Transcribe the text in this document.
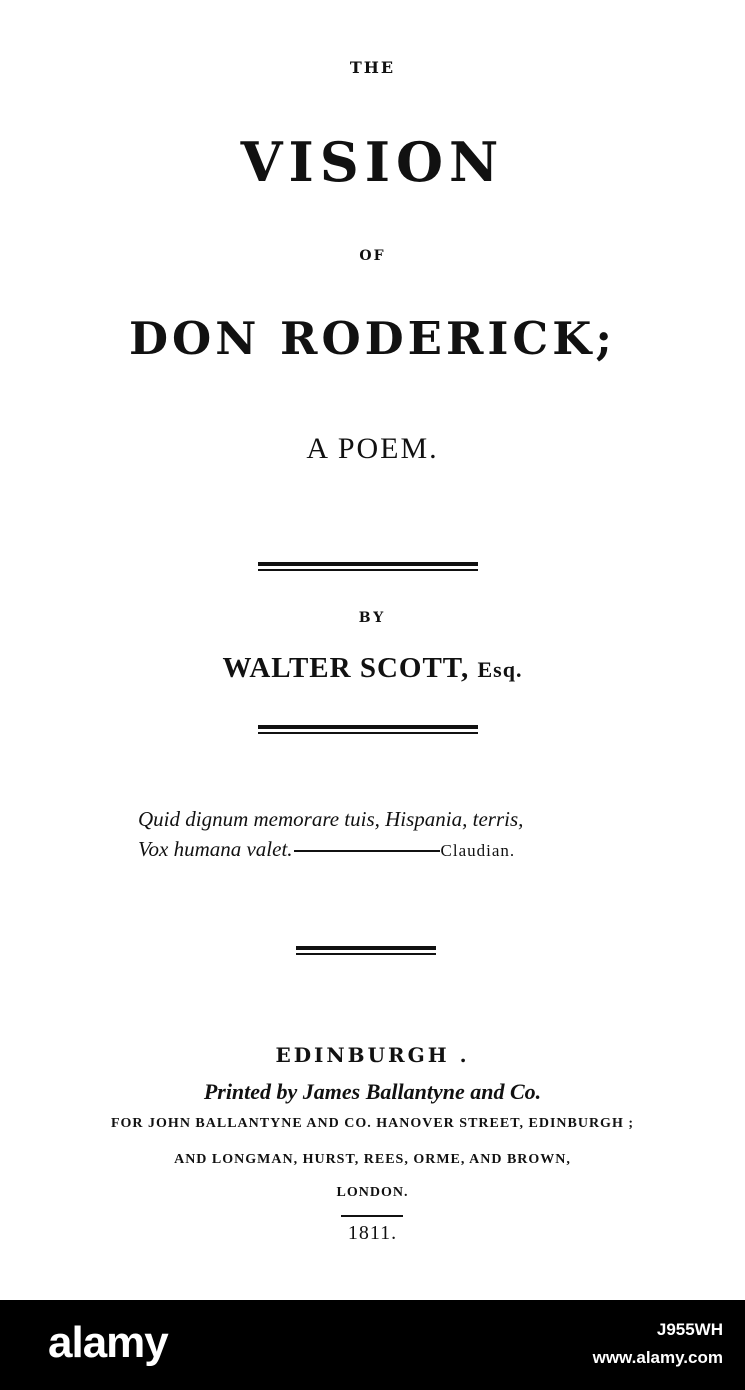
THE
VISION
OF
DON RODERICK;
A POEM.
BY
WALTER SCOTT, Esq.
Quid dignum memorare tuis, Hispania, terris,
Vox humana valet.	Claudian.
EDINBURGH .
Printed by James Ballantyne and Co.
FOR JOHN BALLANTYNE AND CO. HANOVER STREET, EDINBURGH ;
AND LONGMAN, HURST, REES, ORME, AND BROWN,
LONDON.
1811.
alamy	J955WH
www.alamy.com
